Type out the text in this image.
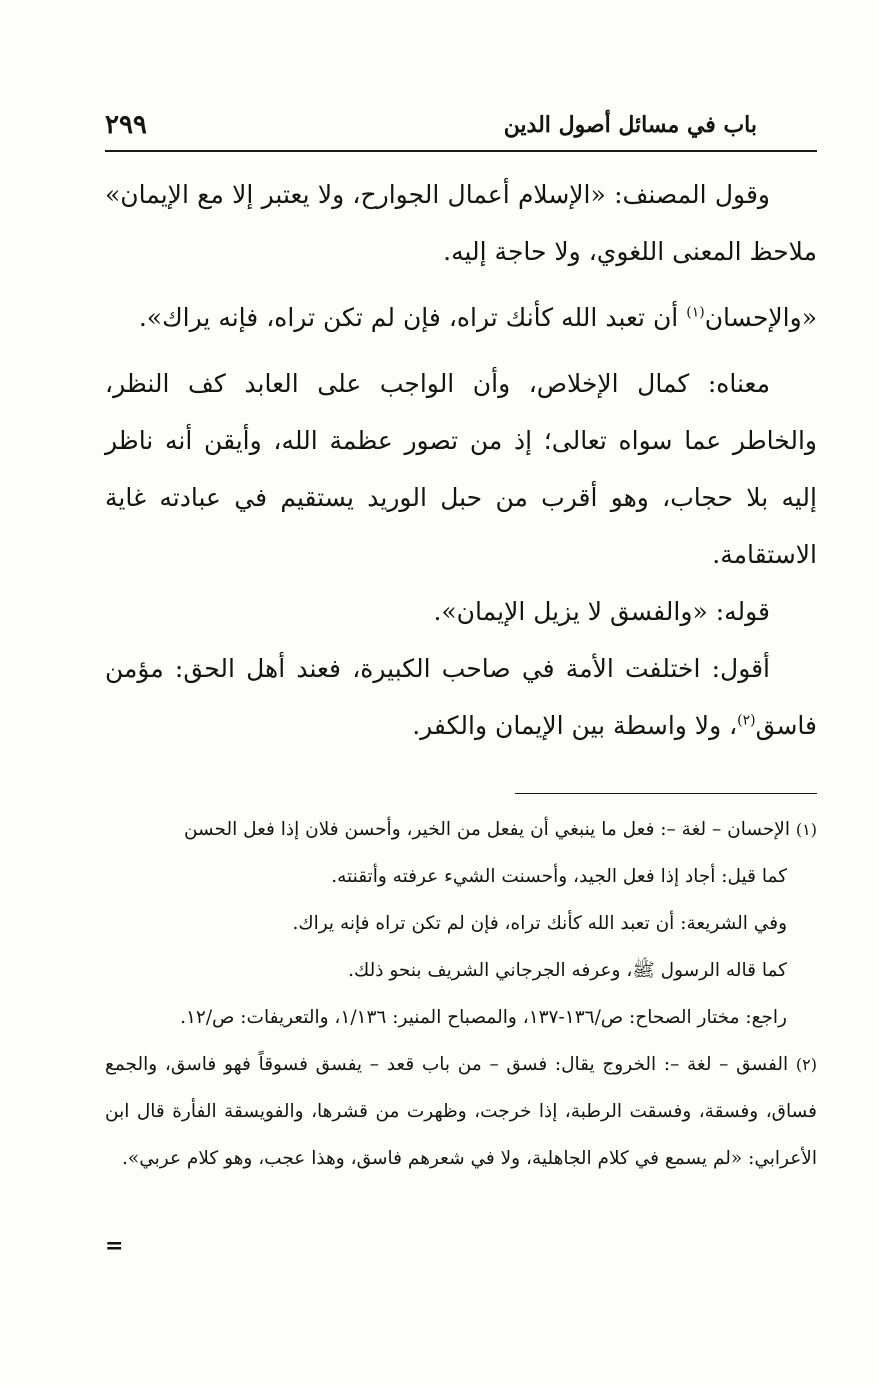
باب في مسائل أصول الدين
٢٩٩

وقول المصنف: «الإسلام أعمال الجوارح، ولا يعتبر إلا مع الإيمان» ملاحظ المعنى اللغوي، ولا حاجة إليه.

«والإحسان$^{(١)}$ أن تعبد الله كأنك تراه، فإن لم تكن تراه، فإنه يراك».

معناه: كمال الإخلاص، وأن الواجب على العابد كف النظر، والخاطر عما سواه تعالى؛ إذ من تصور عظمة الله، وأيقن أنه ناظر إليه بلا حجاب، وهو أقرب من حبل الوريد يستقيم في عبادته غاية الاستقامة.

قوله: «والفسق لا يزيل الإيمان».

أقول: اختلفت الأمة في صاحب الكبيرة، فعند أهل الحق: مؤمن فاسق$^{(٢)}$، ولا واسطة بين الإيمان والكفر.

(١) الإحسان – لغة –: فعل ما ينبغي أن يفعل من الخير، وأحسن فلان إذا فعل الحسن

كما قيل: أجاد إذا فعل الجيد، وأحسنت الشيء عرفته وأتقنته.

وفي الشريعة: أن تعبد الله كأنك تراه، فإن لم تكن تراه فإنه يراك.

كما قاله الرسول ﷺ، وعرفه الجرجاني الشريف بنحو ذلك.

راجع: مختار الصحاح: ص/١٣٦-١٣٧، والمصباح المنير: ١/١٣٦، والتعريفات: ص/١٢.

(٢) الفسق – لغة –: الخروج يقال: فسق – من باب قعد – يفسق فسوقاً فهو فاسق، والجمع فساق، وفسقة، وفسقت الرطبة، إذا خرجت، وظهرت من قشرها، والفويسقة الفأرة قال ابن الأعرابي: «لم يسمع في كلام الجاهلية، ولا في شعرهم فاسق، وهذا عجب، وهو كلام عربي».

=
